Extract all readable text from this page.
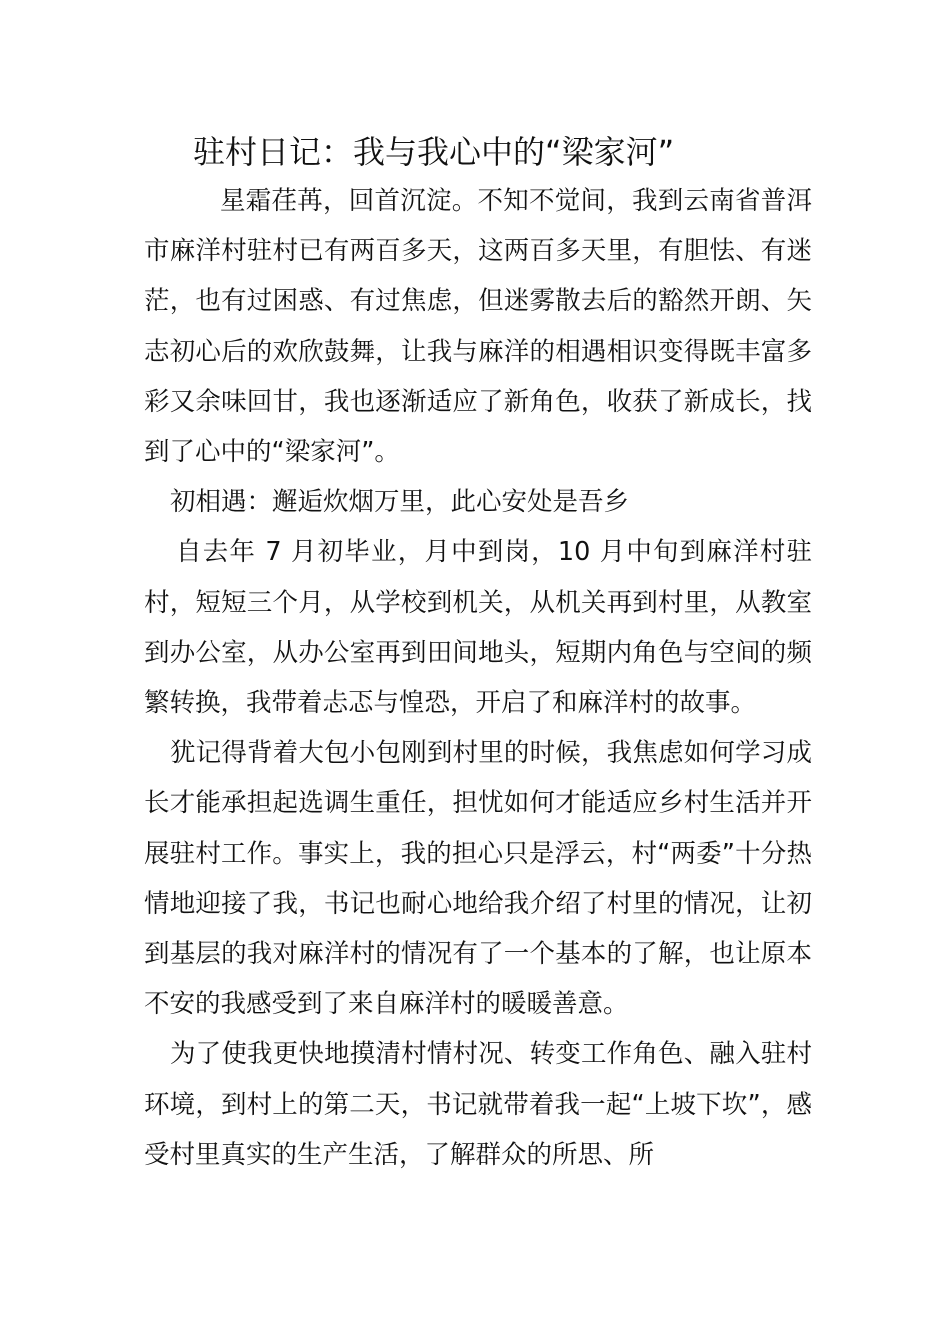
驻村日记：我与我心中的“梁家河”

星霜荏苒，回首沉淀。不知不觉间，我到云南省普洱市麻洋村驻村已有两百多天，这两百多天里，有胆怯、有迷茫，也有过困惑、有过焦虑，但迷雾散去后的豁然开朗、矢志初心后的欢欣鼓舞，让我与麻洋的相遇相识变得既丰富多彩又余味回甘，我也逐渐适应了新角色，收获了新成长，找到了心中的“梁家河”。

初相遇：邂逅炊烟万里，此心安处是吾乡

自去年 7 月初毕业，月中到岗，10 月中旬到麻洋村驻村，短短三个月，从学校到机关，从机关再到村里，从教室到办公室，从办公室再到田间地头，短期内角色与空间的频繁转换，我带着忐忑与惶恐，开启了和麻洋村的故事。

犹记得背着大包小包刚到村里的时候，我焦虑如何学习成长才能承担起选调生重任，担忧如何才能适应乡村生活并开展驻村工作。事实上，我的担心只是浮云，村“两委”十分热情地迎接了我，书记也耐心地给我介绍了村里的情况，让初到基层的我对麻洋村的情况有了一个基本的了解，也让原本不安的我感受到了来自麻洋村的暖暖善意。

为了使我更快地摸清村情村况、转变工作角色、融入驻村环境，到村上的第二天，书记就带着我一起“上坡下坎”，感受村里真实的生产生活，了解群众的所思、所
